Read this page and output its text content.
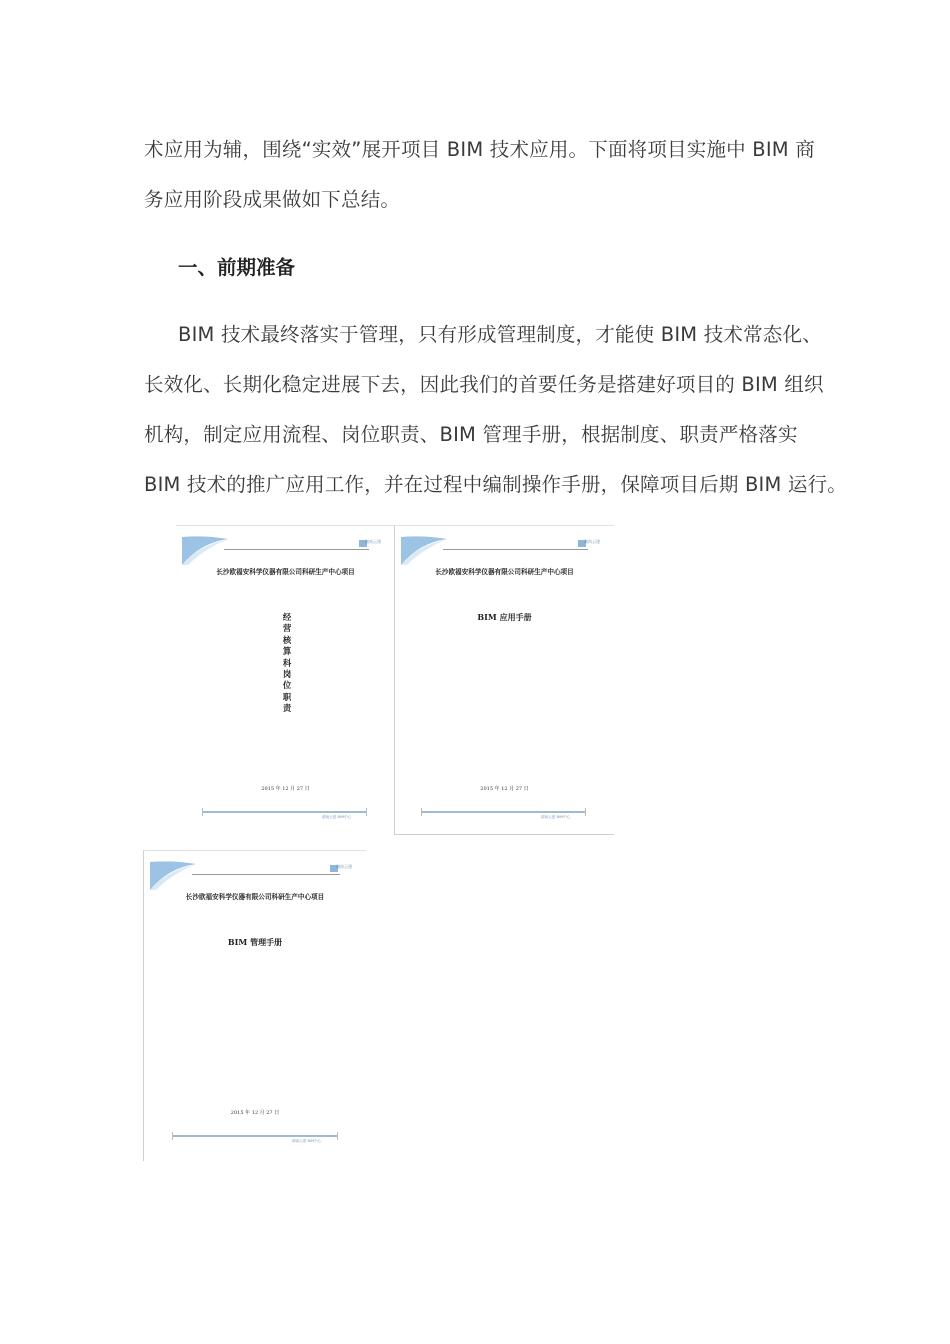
术应用为辅，围绕“实效”展开项目 BIM 技术应用。下面将项目实施中 BIM 商

务应用阶段成果做如下总结。

一、前期准备

BIM 技术最终落实于管理，只有形成管理制度，才能使 BIM 技术常态化、

长效化、长期化稳定进展下去，因此我们的首要任务是搭建好项目的 BIM 组织

机构，制定应用流程、岗位职责、BIM 管理手册，根据制度、职责严格落实

BIM 技术的推广应用工作，并在过程中编制操作手册，保障项目后期 BIM 运行。

湖南云建
长沙欧福安科学仪器有限公司科研生产中心项目
经营核算科岗位职责
2015 年 12 月 27 日
湖南云建 BIM中心
湖南云建
长沙欧福安科学仪器有限公司科研生产中心项目
BIM 应用手册
2015 年 12 月 27 日
湖南云建 BIM中心
湖南云建
长沙欧福安科学仪器有限公司科研生产中心项目
BIM 管理手册
2015 年 12 月 27 日
湖南云建 BIM中心
